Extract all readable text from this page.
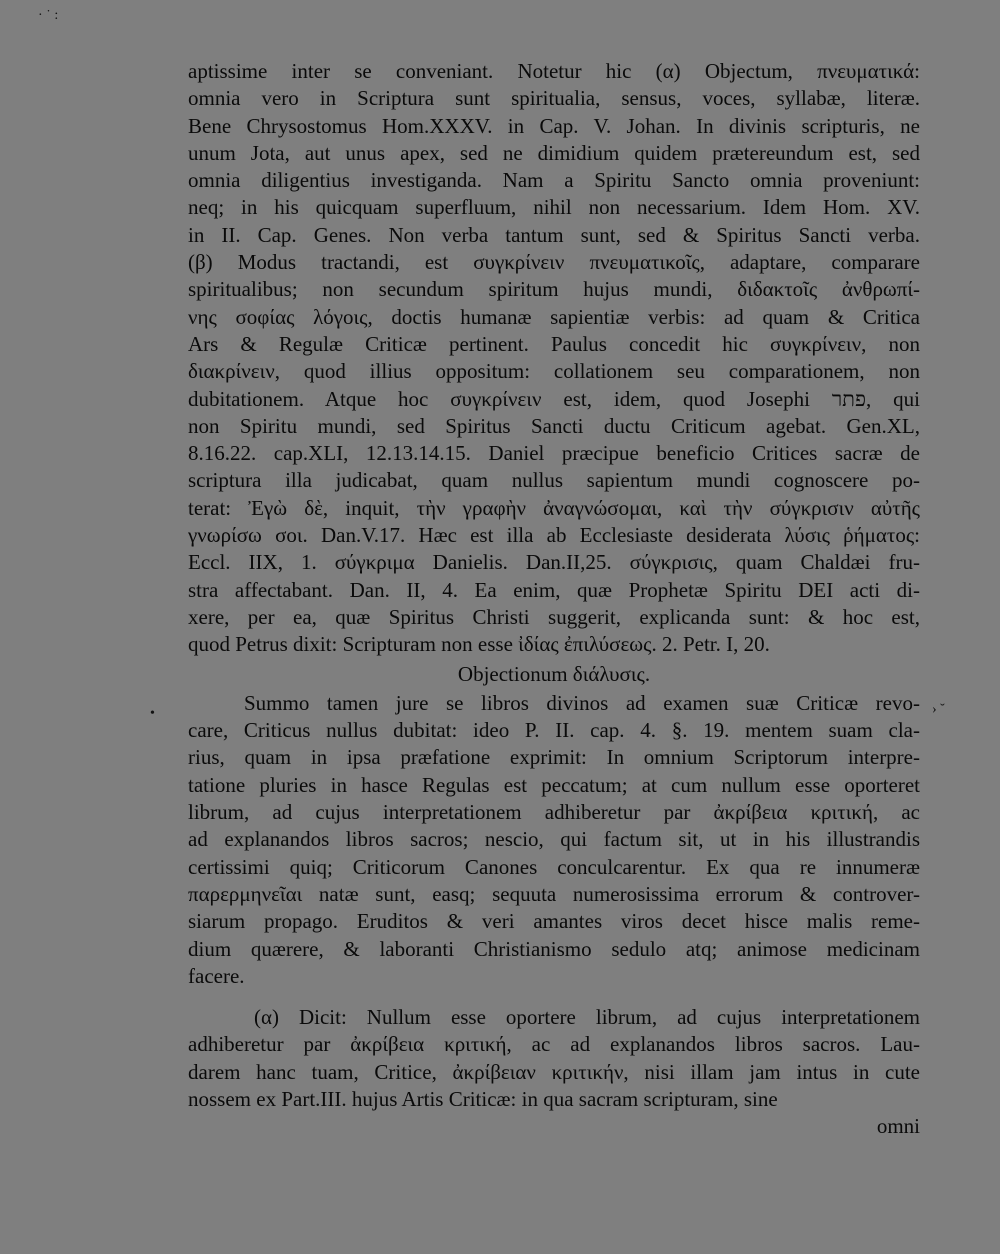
· ˙ :
•	› ˘
aptissime inter se conveniant. Notetur hic (α) Objectum, πνευματικά:
omnia vero in Scriptura sunt spiritualia, sensus, voces, syllabæ, literæ.
Bene Chrysostomus Hom.XXXV. in Cap. V. Johan. In divinis scripturis, ne
unum Jota, aut unus apex, sed ne dimidium quidem prætereundum est, sed
omnia diligentius investiganda. Nam a Spiritu Sancto omnia proveniunt:
neq; in his quicquam superfluum, nihil non necessarium. Idem Hom. XV.
in II. Cap. Genes. Non verba tantum sunt, sed & Spiritus Sancti verba.
(β) Modus tractandi, est συγκρίνειν πνευματικοῖς, adaptare, comparare
spiritualibus; non secundum spiritum hujus mundi, διδακτοῖς ἀνθρωπί-
νης σοφίας λόγοις, doctis humanæ sapientiæ verbis: ad quam & Critica
Ars & Regulæ Criticæ pertinent. Paulus concedit hic συγκρίνειν, non
διακρίνειν, quod illius oppositum: collationem seu comparationem, non
dubitationem. Atque hoc συγκρίνειν est, idem, quod Josephi פתר, qui
non Spiritu mundi, sed Spiritus Sancti ductu Criticum agebat. Gen.XL,
8.16.22. cap.XLI, 12.13.14.15. Daniel præcipue beneficio Critices sacræ de
scriptura illa judicabat, quam nullus sapientum mundi cognoscere po-
terat: Ἐγὼ δὲ, inquit, τὴν γραφὴν ἀναγνώσομαι, καὶ τὴν σύγκρισιν αὐτῆς
γνωρίσω σοι. Dan.V.17. Hæc est illa ab Ecclesiaste desiderata λύσις ῥήματος:
Eccl. IIX, 1. σύγκριμα Danielis. Dan.II,25. σύγκρισις, quam Chaldæi fru-
stra affectabant. Dan. II, 4. Ea enim, quæ Prophetæ Spiritu DEI acti di-
xere, per ea, quæ Spiritus Christi suggerit, explicanda sunt: & hoc est,
quod Petrus dixit: Scripturam non esse ἰδίας ἐπιλύσεως. 2. Petr. I, 20.
Objectionum διάλυσις.
Summo tamen jure se libros divinos ad examen suæ Criticæ revo-
care, Criticus nullus dubitat: ideo P. II. cap. 4. §. 19. mentem suam cla-
rius, quam in ipsa præfatione exprimit: In omnium Scriptorum interpre-
tatione pluries in hasce Regulas est peccatum; at cum nullum esse oporteret
librum, ad cujus interpretationem adhiberetur par ἀκρίβεια κριτική, ac
ad explanandos libros sacros; nescio, qui factum sit, ut in his illustrandis
certissimi quiq; Criticorum Canones conculcarentur. Ex qua re innumeræ
παρερμηνεῖαι natæ sunt, easq; sequuta numerosissima errorum & controver-
siarum propago. Eruditos & veri amantes viros decet hisce malis reme-
dium quærere, & laboranti Christianismo sedulo atq; animose medicinam
facere.
(α) Dicit: Nullum esse oportere librum, ad cujus interpretationem
adhiberetur par ἀκρίβεια κριτική, ac ad explanandos libros sacros. Lau-
darem hanc tuam, Critice, ἀκρίβειαν κριτικήν, nisi illam jam intus in cute
nossem ex Part.III. hujus Artis Criticæ: in qua sacram scripturam, sine
omni
